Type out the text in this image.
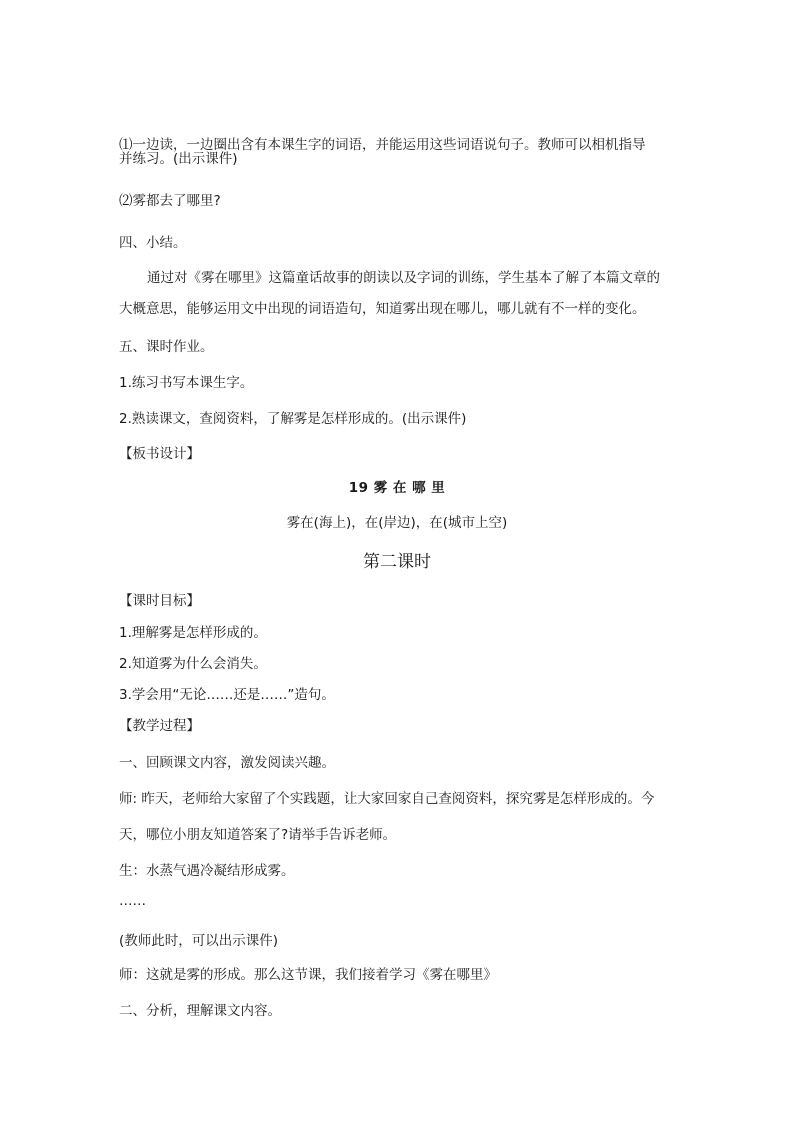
⑴一边读，一边圈出含有本课生字的词语，并能运用这些词语说句子。教师可以相机指导
并练习。(出示课件)
⑵雾都去了哪里?
四、小结。
通过对《雾在哪里》这篇童话故事的朗读以及字词的训练，学生基本了解了本篇文章的
大概意思，能够运用文中出现的词语造句，知道雾出现在哪儿，哪儿就有不一样的变化。
五、课时作业。
1.练习书写本课生字。
2.熟读课文，查阅资料，了解雾是怎样形成的。(出示课件)
【板书设计】
19 雾 在 哪 里
雾在(海上)，在(岸边)，在(城市上空)
第二课时
【课时目标】
1.理解雾是怎样形成的。
2.知道雾为什么会消失。
3.学会用“无论……还是……”造句。
【教学过程】
一、回顾课文内容，激发阅读兴趣。
师: 昨天，老师给大家留了个实践题，让大家回家自己查阅资料，探究雾是怎样形成的。今
天，哪位小朋友知道答案了?请举手告诉老师。
生：水蒸气遇冷凝结形成雾。
……
(教师此时，可以出示课件)
师：这就是雾的形成。那么这节课，我们接着学习《雾在哪里》
二、分析，理解课文内容。
